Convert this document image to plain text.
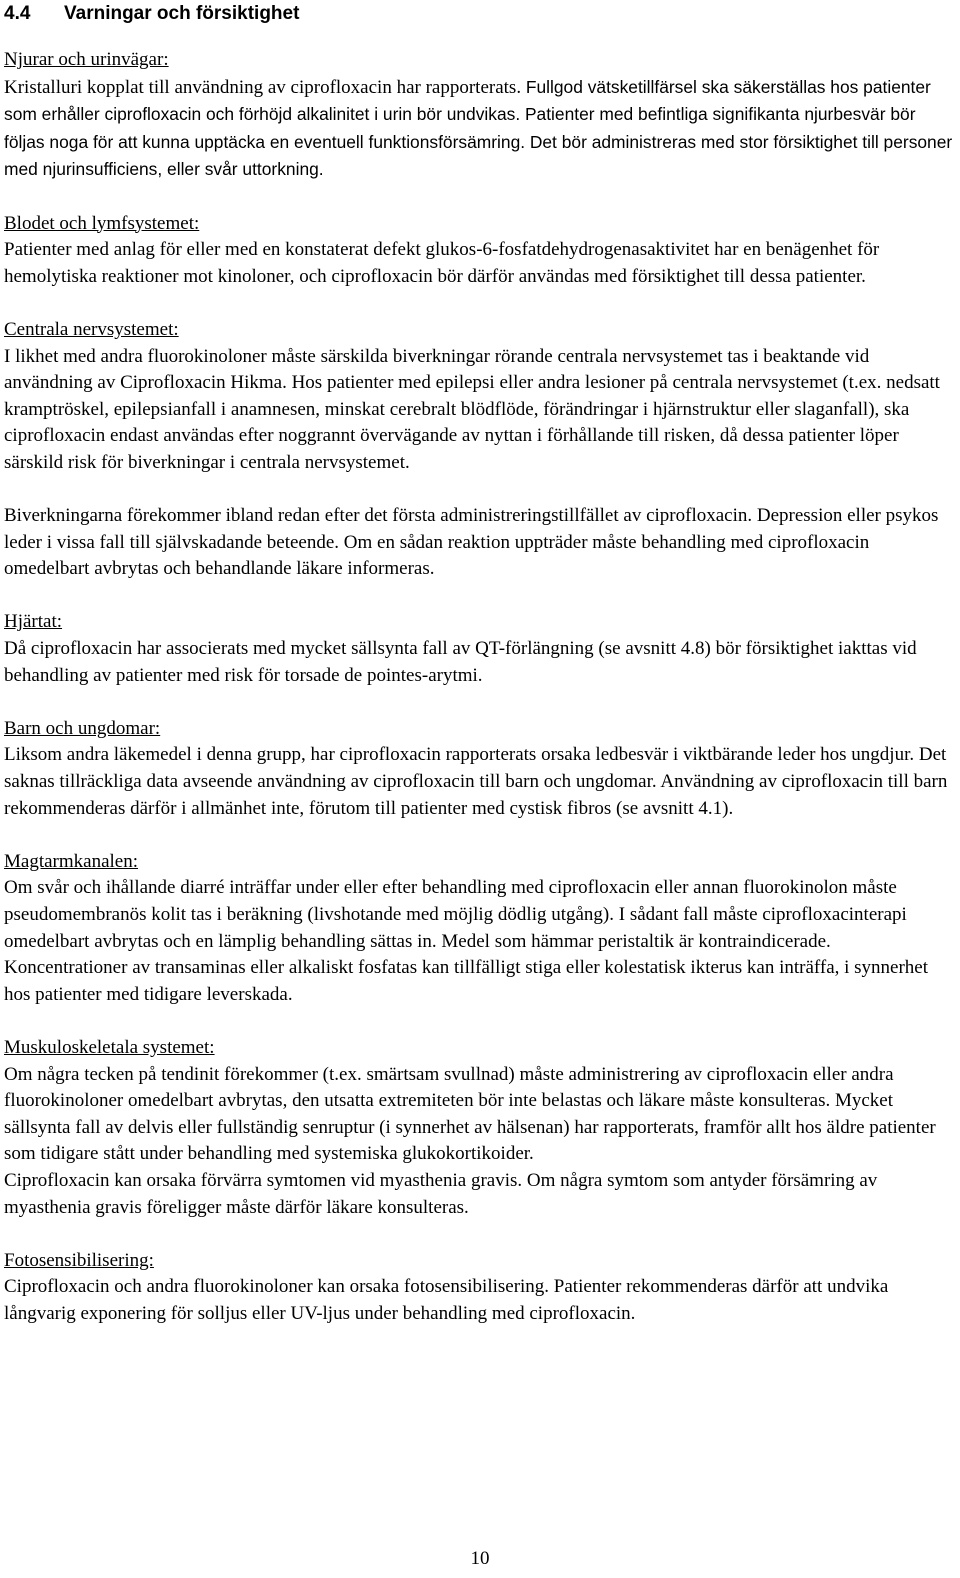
4.4 Varningar och försiktighet
Njurar och urinvägar:

Kristalluri kopplat till användning av ciprofloxacin har rapporterats. Fullgod vätsketillfärsel ska säkerställas hos patienter som erhåller ciprofloxacin och förhöjd alkalinitet i urin bör undvikas. Patienter med befintliga signifikanta njurbesvär bör följas noga för att kunna upptäcka en eventuell funktionsförsämring. Det bör administreras med stor försiktighet till personer med njurinsufficiens, eller svår uttorkning.

Blodet och lymfsystemet:

Patienter med anlag för eller med en konstaterat defekt glukos-6-fosfatdehydrogenasaktivitet har en benägenhet för hemolytiska reaktioner mot kinoloner, och ciprofloxacin bör därför användas med försiktighet till dessa patienter.

Centrala nervsystemet:

I likhet med andra fluorokinoloner måste särskilda biverkningar rörande centrala nervsystemet tas i beaktande vid användning av Ciprofloxacin Hikma. Hos patienter med epilepsi eller andra lesioner på centrala nervsystemet (t.ex. nedsatt kramptröskel, epilepsianfall i anamnesen, minskat cerebralt blödflöde, förändringar i hjärnstruktur eller slaganfall), ska ciprofloxacin endast användas efter noggrannt övervägande av nyttan i förhållande till risken, då dessa patienter löper särskild risk för biverkningar i centrala nervsystemet.

Biverkningarna förekommer ibland redan efter det första administreringstillfället av ciprofloxacin. Depression eller psykos leder i vissa fall till självskadande beteende. Om en sådan reaktion uppträder måste behandling med ciprofloxacin omedelbart avbrytas och behandlande läkare informeras.

Hjärtat:

Då ciprofloxacin har associerats med mycket sällsynta fall av QT-förlängning (se avsnitt 4.8) bör försiktighet iakttas vid behandling av patienter med risk för torsade de pointes-arytmi.

Barn och ungdomar:

Liksom andra läkemedel i denna grupp, har ciprofloxacin rapporterats orsaka ledbesvär i viktbärande leder hos ungdjur. Det saknas tillräckliga data avseende användning av ciprofloxacin till barn och ungdomar. Användning av ciprofloxacin till barn rekommenderas därför i allmänhet inte, förutom till patienter med cystisk fibros (se avsnitt 4.1).

Magtarmkanalen:

Om svår och ihållande diarré inträffar under eller efter behandling med ciprofloxacin eller annan fluorokinolon måste pseudomembranös kolit tas i beräkning (livshotande med möjlig dödlig utgång). I sådant fall måste ciprofloxacinterapi omedelbart avbrytas och en lämplig behandling sättas in. Medel som hämmar peristaltik är kontraindicerade. Koncentrationer av transaminas eller alkaliskt fosfatas kan tillfälligt stiga eller kolestatisk ikterus kan inträffa, i synnerhet hos patienter med tidigare leverskada.

Muskuloskeletala systemet:

Om några tecken på tendinit förekommer (t.ex. smärtsam svullnad) måste administrering av ciprofloxacin eller andra fluorokinoloner omedelbart avbrytas, den utsatta extremiteten bör inte belastas och läkare måste konsulteras. Mycket sällsynta fall av delvis eller fullständig senruptur (i synnerhet av hälsenan) har rapporterats, framför allt hos äldre patienter som tidigare stått under behandling med systemiska glukokortikoider.

Ciprofloxacin kan orsaka förvärra symtomen vid myasthenia gravis. Om några symtom som antyder försämring av myasthenia gravis föreligger måste därför läkare konsulteras.

Fotosensibilisering:

Ciprofloxacin och andra fluorokinoloner kan orsaka fotosensibilisering. Patienter rekommenderas därför att undvika långvarig exponering för solljus eller UV-ljus under behandling med ciprofloxacin.

10
